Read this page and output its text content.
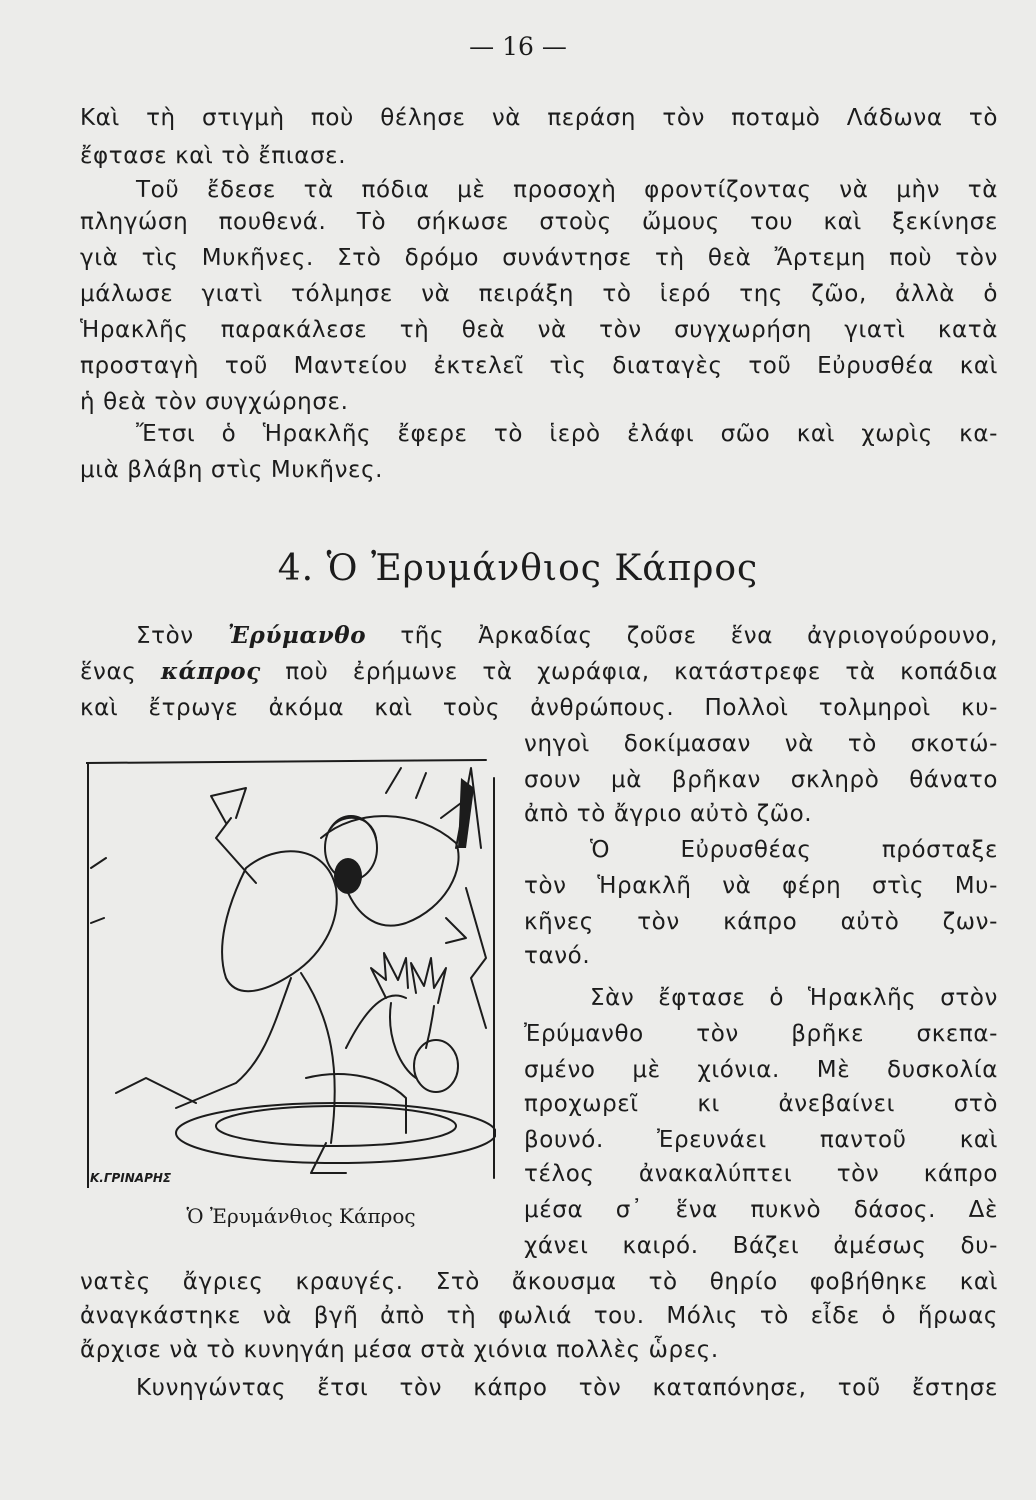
— 16 —
Καὶ τὴ στιγμὴ ποὺ θέλησε νὰ περάση τὸν ποταμὸ Λάδωνα τὸ
ἔφτασε καὶ τὸ ἔπιασε.
Τοῦ ἔδεσε τὰ πόδια μὲ προσοχὴ φροντίζοντας νὰ μὴν τὰ
πληγώση πουθενά. Τὸ σήκωσε στοὺς ὤμους του καὶ ξεκίνησε
γιὰ τὶς Μυκῆνες. Στὸ δρόμο συνάντησε τὴ θεὰ Ἄρτεμη ποὺ τὸν
μάλωσε γιατὶ τόλμησε νὰ πειράξη τὸ ἱερό της ζῶο, ἀλλὰ ὁ
Ἡρακλῆς παρακάλεσε τὴ θεὰ νὰ τὸν συγχωρήση γιατὶ κατὰ
προσταγὴ τοῦ Μαντείου ἐκτελεῖ τὶς διαταγὲς τοῦ Εὐρυσθέα καὶ
ἡ θεὰ τὸν συγχώρησε.
Ἔτσι ὁ Ἡρακλῆς ἔφερε τὸ ἱερὸ ἐλάφι σῶο καὶ χωρὶς κα-
μιὰ βλάβη στὶς Μυκῆνες.
4. Ὁ Ἐρυμάνθιος Κάπρος
Στὸν Ἐρύμανθο τῆς Ἀρκαδίας ζοῦσε ἕνα ἀγριογούρουνο,
ἕνας κάπρος ποὺ ἐρήμωνε τὰ χωράφια, κατάστρεφε τὰ κοπάδια
καὶ ἔτρωγε ἀκόμα καὶ τοὺς ἀνθρώπους. Πολλοὶ τολμηροὶ κυ-
νηγοὶ δοκίμασαν νὰ τὸ σκοτώ-
σουν μὰ βρῆκαν σκληρὸ θάνατο
ἀπὸ τὸ ἄγριο αὐτὸ ζῶο.
Ὁ Εὐρυσθέας πρόσταξε
τὸν Ἡρακλῆ νὰ φέρη στὶς Μυ-
κῆνες τὸν κάπρο αὐτὸ ζων-
τανό.
Σὰν ἔφτασε ὁ Ἡρακλῆς στὸν
Ἐρύμανθο τὸν βρῆκε σκεπα-
σμένο μὲ χιόνια. Μὲ δυσκολία
προχωρεῖ κι ἀνεβαίνει στὸ
βουνό. Ἐρευνάει παντοῦ καὶ
τέλος ἀνακαλύπτει τὸν κάπρο
μέσα σ᾽ ἕνα πυκνὸ δάσος. Δὲ
χάνει καιρό. Βάζει ἀμέσως δυ-
νατὲς ἄγριες κραυγές. Στὸ ἄκουσμα τὸ θηρίο φοβήθηκε καὶ
ἀναγκάστηκε νὰ βγῆ ἀπὸ τὴ φωλιά του. Μόλις τὸ εἶδε ὁ ἥρωας
ἄρχισε νὰ τὸ κυνηγάη μέσα στὰ χιόνια πολλὲς ὧρες.
Κυνηγώντας ἔτσι τὸν κάπρο τὸν καταπόνησε, τοῦ ἔστησε
Κ.ΓΡΙΝΑΡΗΣ
Ὁ Ἐρυμάνθιος Κάπρος
